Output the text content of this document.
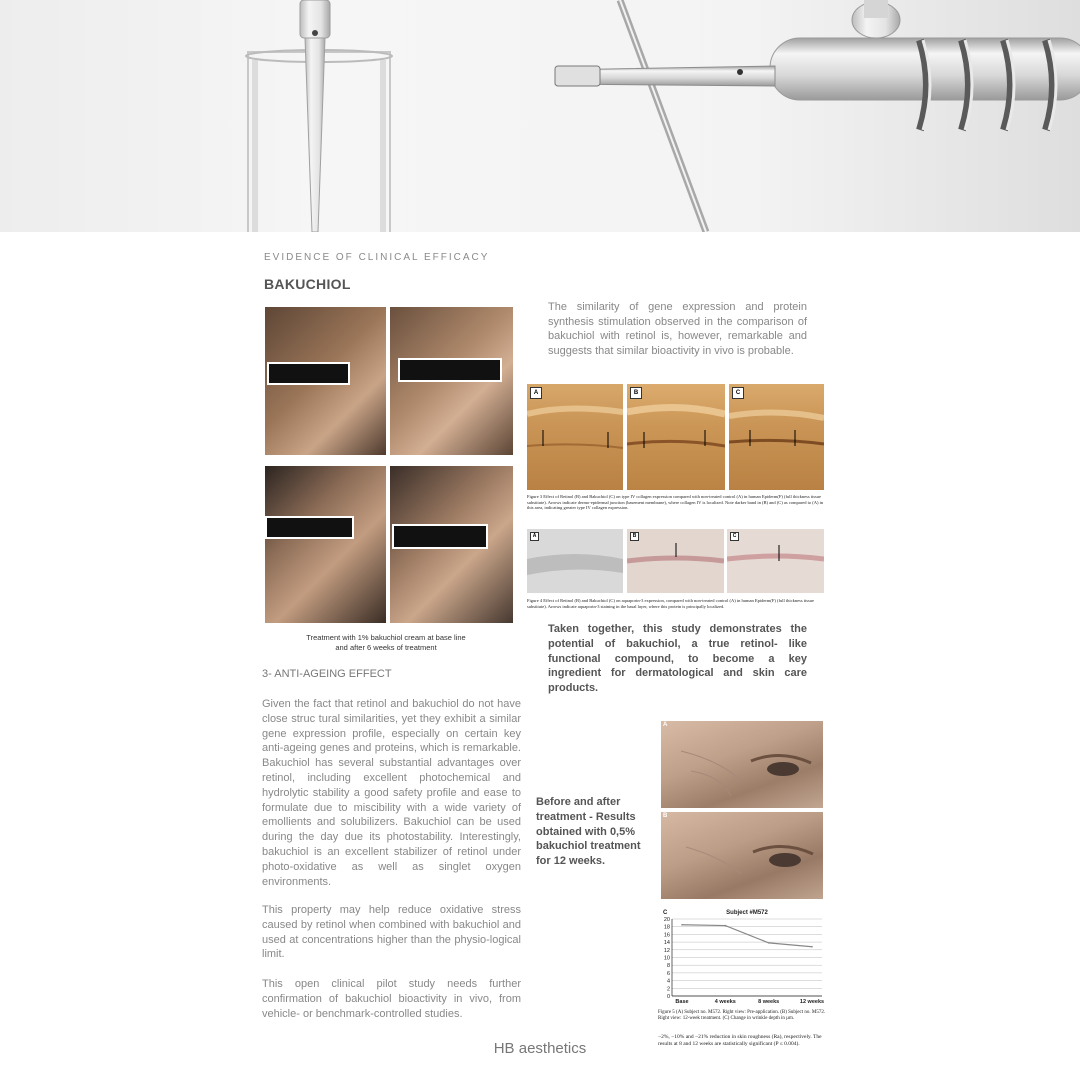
EVIDENCE OF CLINICAL EFFICACY
BAKUCHIOL
Treatment with 1% bakuchiol cream at base line and after 6 weeks of treatment
3- ANTI-AGEING EFFECT
Given the fact that retinol and bakuchiol do not have close struc tural similarities, yet they exhibit a similar gene expression profile, especially on certain key anti-ageing genes and proteins, which is remarkable. Bakuchiol has several substantial advantages over retinol, including excellent photochemical and hydrolytic stability a good safety profile and ease to formulate due to miscibility with a wide variety of emollients and solubilizers. Bakuchiol can be used during the day due its photostability. Interestingly, bakuchiol is an excellent stabilizer of retinol under photo-oxidative as well as singlet oxygen environments.
This property may help reduce oxidative stress caused by retinol when combined with bakuchiol and used at concentrations higher than the physio-logical limit.
This open clinical pilot study needs further confirmation of bakuchiol bioactivity in vivo, from vehicle- or benchmark-controlled studies.
The similarity of gene expression and protein synthesis stimulation observed in the comparison of bakuchiol with retinol is, however, remarkable and suggests that similar bioactivity in vivo is probable.
A	B	C
Figure 3 Effect of Retinol (B) and Bakuchiol (C) on type IV collagen expression compared with non-treated control (A) in human Epiderm(F) (full thickness tissue substitute). Arrows indicate dermo-epidermal junction (basement membrane), where collagen IV is localized. Note darker band in (B) and (C) as compared to (A) in this area, indicating greater type IV collagen expression.
A	B	C
Figure 4 Effect of Retinol (B) and Bakuchiol (C) on aquaporin-3 expression, compared with non-treated control (A) in human Epiderm(F) (full thickness tissue substitute). Arrows indicate aquaporin-3 staining in the basal layer, where this protein is principally localized.
Taken together, this study demonstrates the potential of bakuchiol, a true retinol- like functional compound, to become a key ingredient for dermatological and skin care products.
Before and after treatment - Results obtained with 0,5% bakuchiol treatment for 12 weeks.
A
B
C	Subject #M572
0
2
4
6
8
10
12
14
16
18
20
Base	4 weeks	8 weeks	12 weeks
Figure 5 (A) Subject no. M572. Right view: Pre-application. (B) Subject no. M572. Right view: 12-week treatment. (C) Change in wrinkle depth in µm.
−2%, −10% and −21% reduction in skin roughness (Ra), respectively. The results at 8 and 12 weeks are statistically significant (P ≤ 0.004).
HB aesthetics
